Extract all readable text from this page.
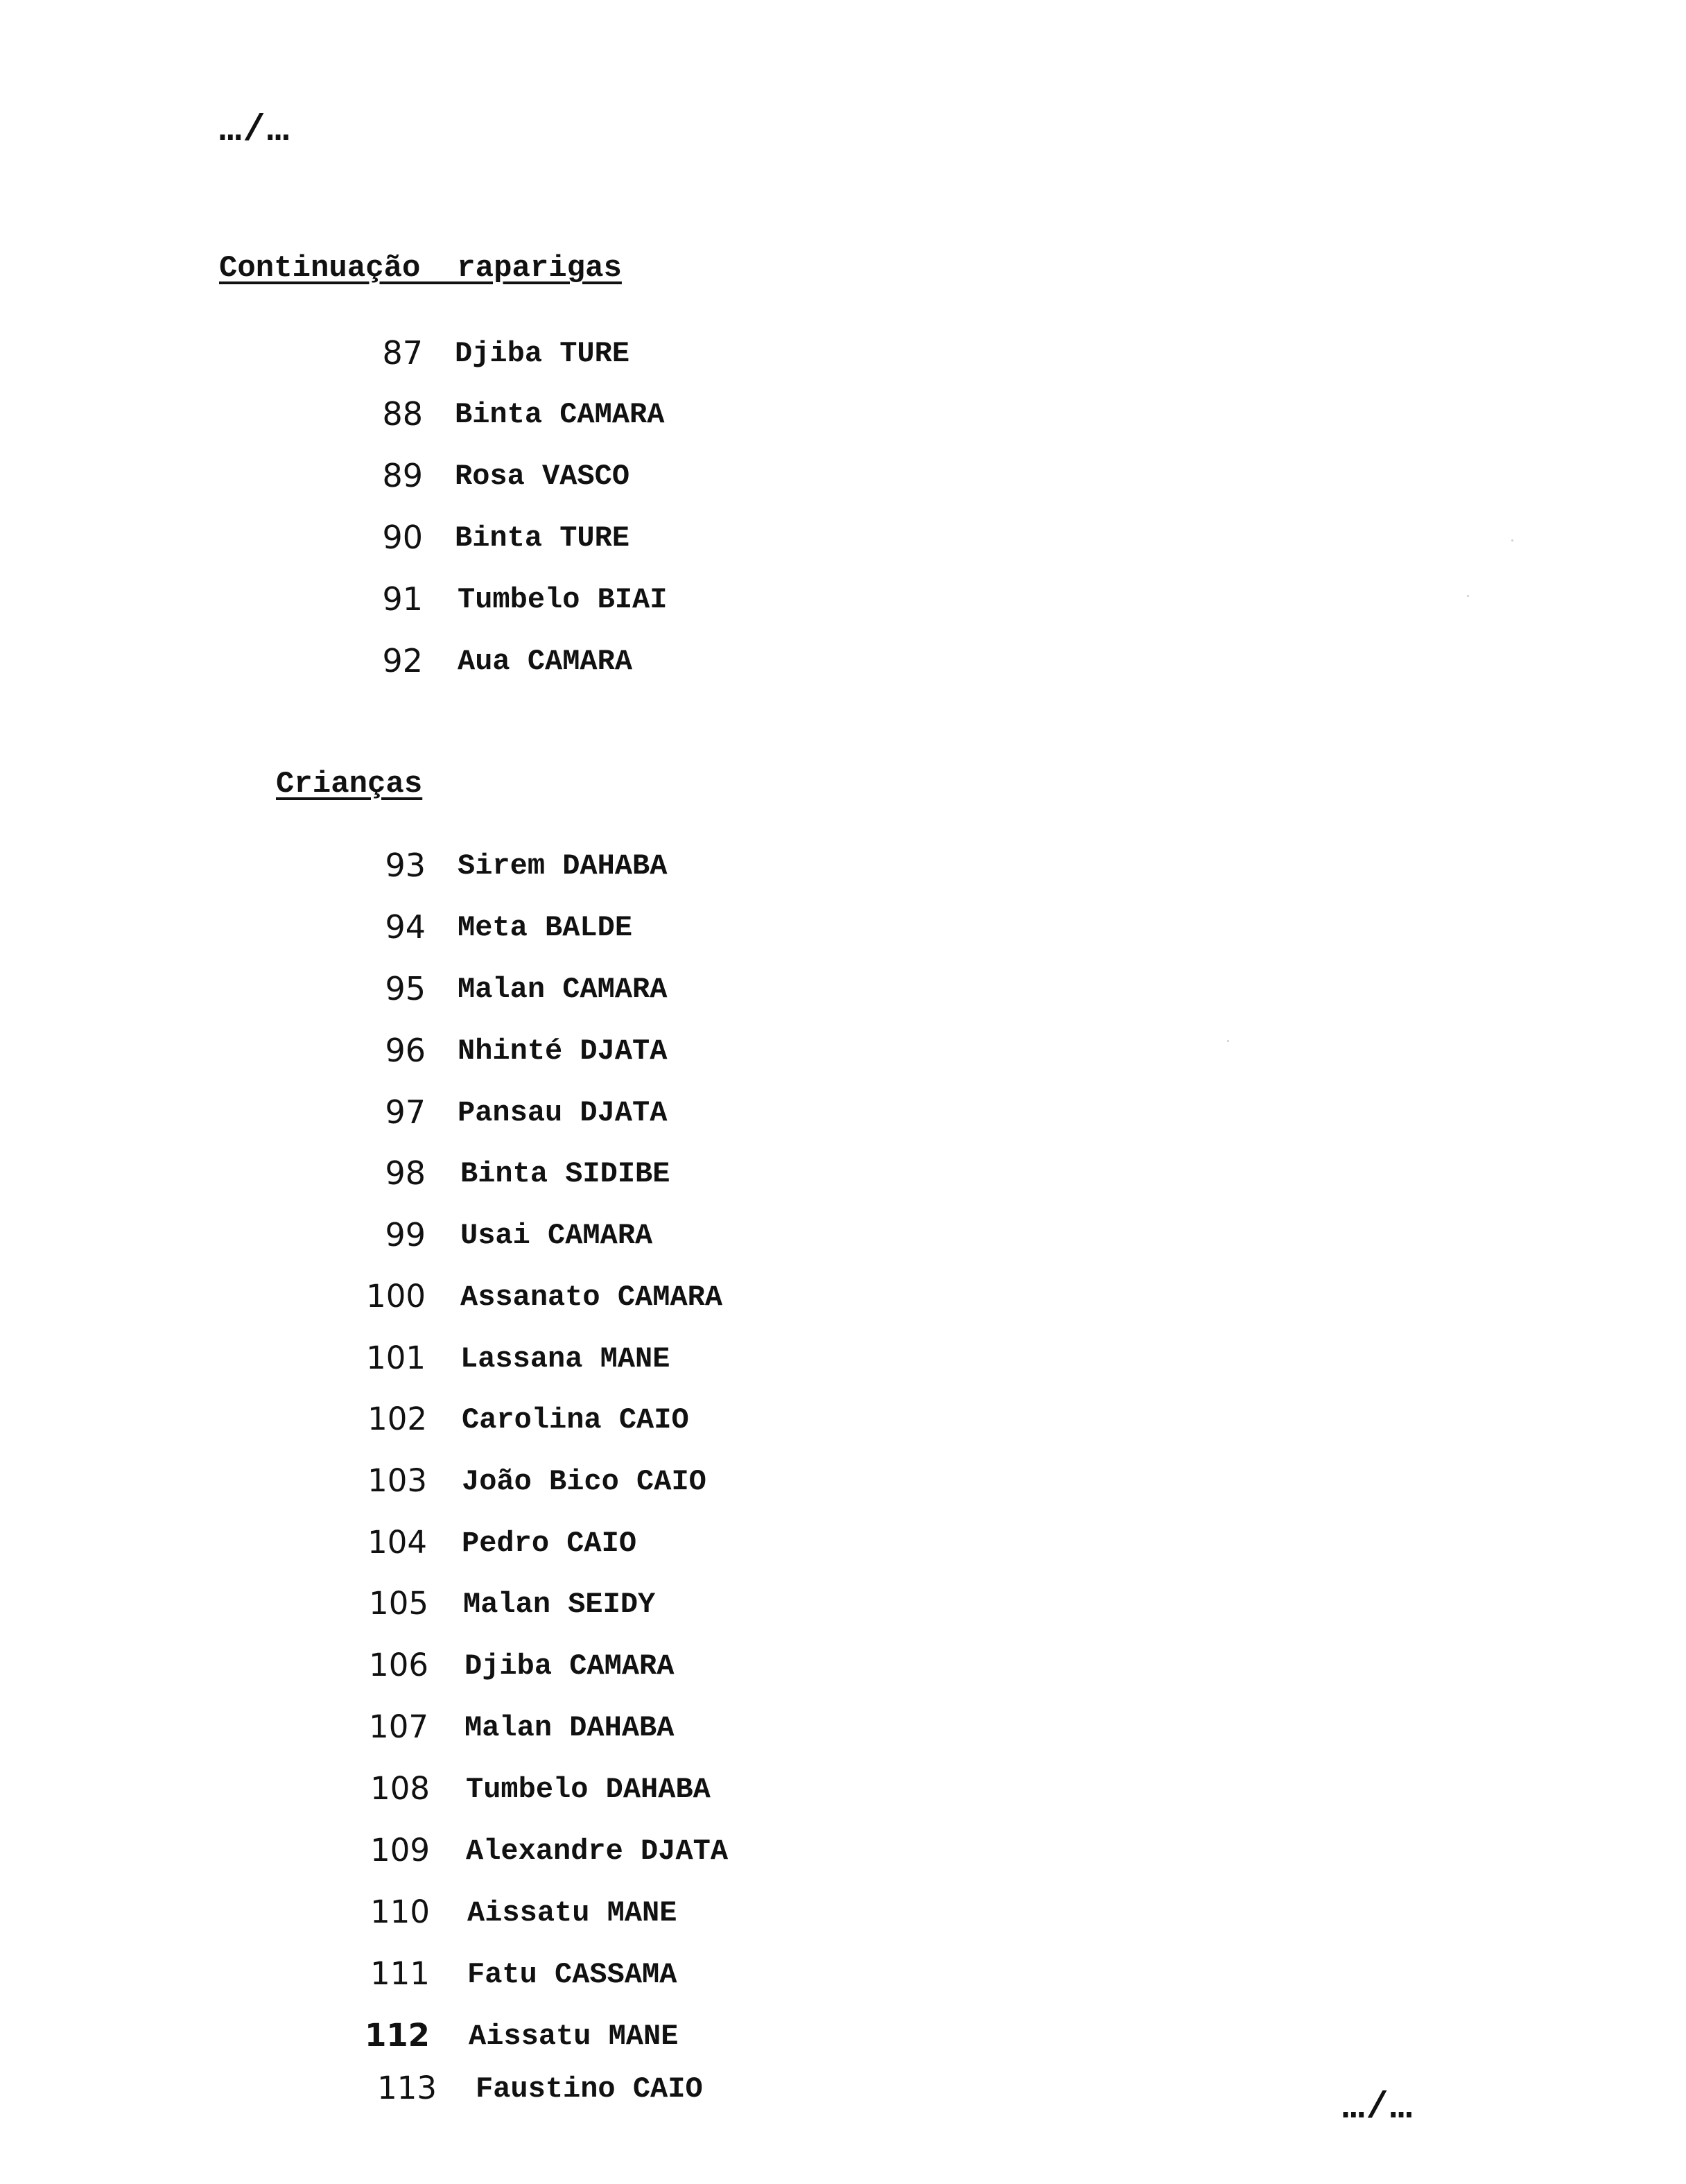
…/…
Continuação  raparigas

87

Djiba TURE

88

Binta CAMARA

89

Rosa VASCO

90

Binta TURE

91

Tumbelo BIAI

92

Aua CAMARA

Crianças
93 Sirem DAHABA
94 Meta BALDE
95 Malan CAMARA
96 Nhinté DJATA
97 Pansau DJATA
98 Binta SIDIBE
99 Usai CAMARA
100 Assanato CAMARA
101 Lassana MANE
102 Carolina CAIO
103 João Bico CAIO
104 Pedro CAIO
105 Malan SEIDY
106 Djiba CAMARA
107 Malan DAHABA
108 Tumbelo DAHABA
109 Alexandre DJATA
110 Aissatu MANE
111 Fatu CASSAMA
112 Aissatu MANE
113 Faustino CAIO	…/…
